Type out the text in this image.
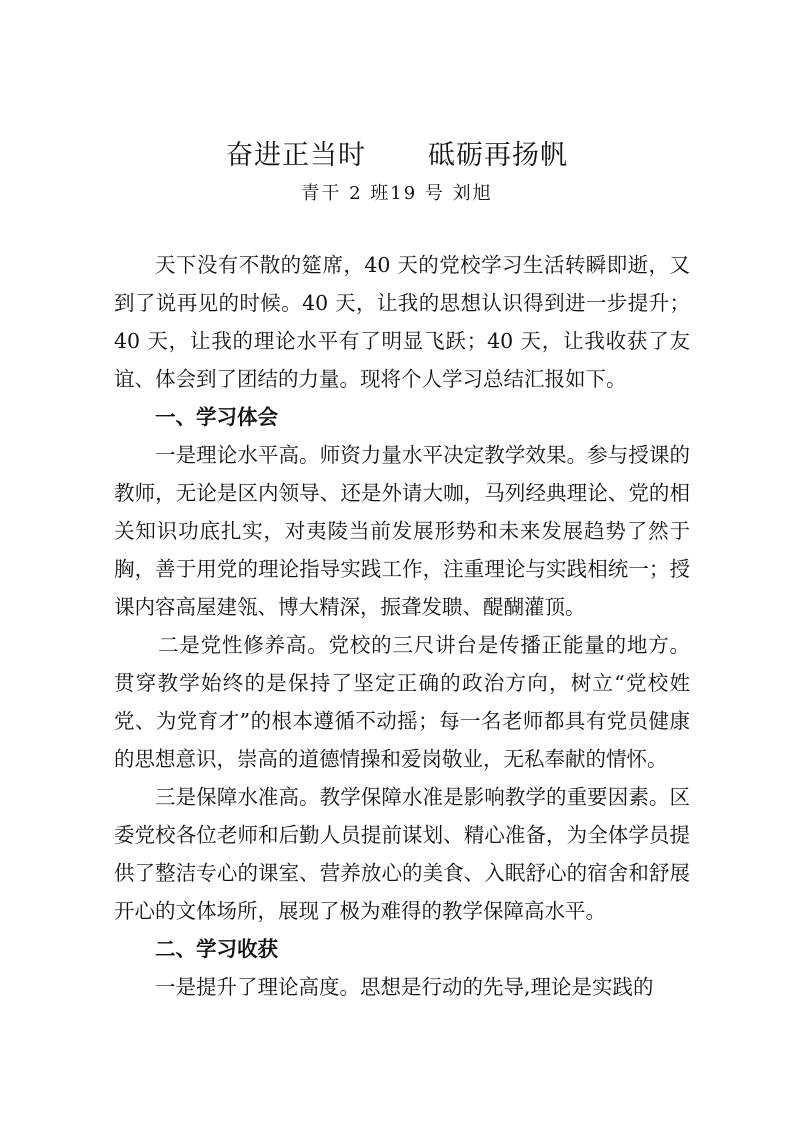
奋进正当时 砥砺再扬帆
青干 2 班19 号 刘旭

天下没有不散的筵席，40 天的党校学习生活转瞬即逝，又到了说再见的时候。40 天，让我的思想认识得到进一步提升；40 天，让我的理论水平有了明显飞跃；40 天，让我收获了友谊、体会到了团结的力量。现将个人学习总结汇报如下。

一、学习体会

一是理论水平高。师资力量水平决定教学效果。参与授课的教师，无论是区内领导、还是外请大咖，马列经典理论、党的相关知识功底扎实，对夷陵当前发展形势和未来发展趋势了然于胸，善于用党的理论指导实践工作，注重理论与实践相统一；授课内容高屋建瓴、博大精深，振聋发聩、醍醐灌顶。

二是党性修养高。党校的三尺讲台是传播正能量的地方。贯穿教学始终的是保持了坚定正确的政治方向，树立“党校姓党、为党育才”的根本遵循不动摇；每一名老师都具有党员健康的思想意识，崇高的道德情操和爱岗敬业，无私奉献的情怀。

三是保障水准高。教学保障水准是影响教学的重要因素。区委党校各位老师和后勤人员提前谋划、精心准备，为全体学员提供了整洁专心的课室、营养放心的美食、入眠舒心的宿舍和舒展开心的文体场所，展现了极为难得的教学保障高水平。

二、学习收获

一是提升了理论高度。思想是行动的先导,理论是实践的
